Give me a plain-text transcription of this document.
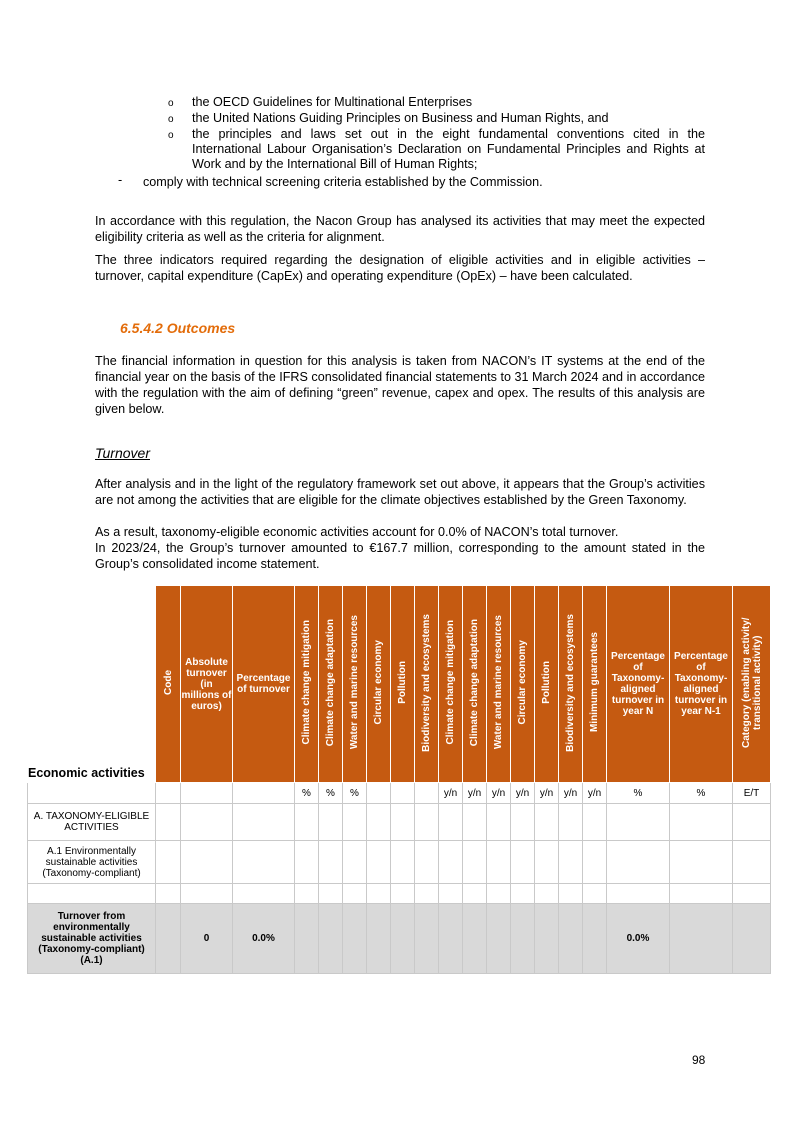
o the OECD Guidelines for Multinational Enterprises
o the United Nations Guiding Principles on Business and Human Rights, and
o the principles and laws set out in the eight fundamental conventions cited in the International Labour Organisation’s Declaration on Fundamental Principles and Rights at Work and by the International Bill of Human Rights;
- comply with technical screening criteria established by the Commission.
In accordance with this regulation, the Nacon Group has analysed its activities that may meet the expected eligibility criteria as well as the criteria for alignment.
The three indicators required regarding the designation of eligible activities and in eligible activities – turnover, capital expenditure (CapEx) and operating expenditure (OpEx) – have been calculated.
6.5.4.2 Outcomes
The financial information in question for this analysis is taken from NACON’s IT systems at the end of the financial year on the basis of the IFRS consolidated financial statements to 31 March 2024 and in accordance with the regulation with the aim of defining “green” revenue, capex and opex. The results of this analysis are given below.
Turnover
After analysis and in the light of the regulatory framework set out above, it appears that the Group’s activities are not among the activities that are eligible for the climate objectives established by the Green Taxonomy.
As a result, taxonomy-eligible economic activities account for 0.0% of NACON’s total turnover.
In 2023/24, the Group’s turnover amounted to €167.7 million, corresponding to the amount stated in the Group’s consolidated income statement.
Economic activities	Code	Absolute turnover (in millions of euros)	Percentage of turnover	Climate change mitigation	Climate change adaptation	Water and marine resources	Circular economy	Pollution	Biodiversity and ecosystems	Climate change mitigation	Climate change adaptation	Water and marine resources	Circular economy	Pollution	Biodiversity and ecosystems	Minimum guarantees	Percentage of Taxonomy-aligned turnover in year N	Percentage of Taxonomy-aligned turnover in year N-1	Category (enabling activity/ transitional activity)
				%	%	%				y/n	y/n	y/n	y/n	y/n	y/n	y/n	%	%	E/T
A. TAXONOMY-ELIGIBLE ACTIVITIES																			
A.1 Environmentally sustainable activities (Taxonomy-compliant)																			

Turnover from environmentally sustainable activities (Taxonomy-compliant) (A.1)		0	0.0%														0.0%		
98
